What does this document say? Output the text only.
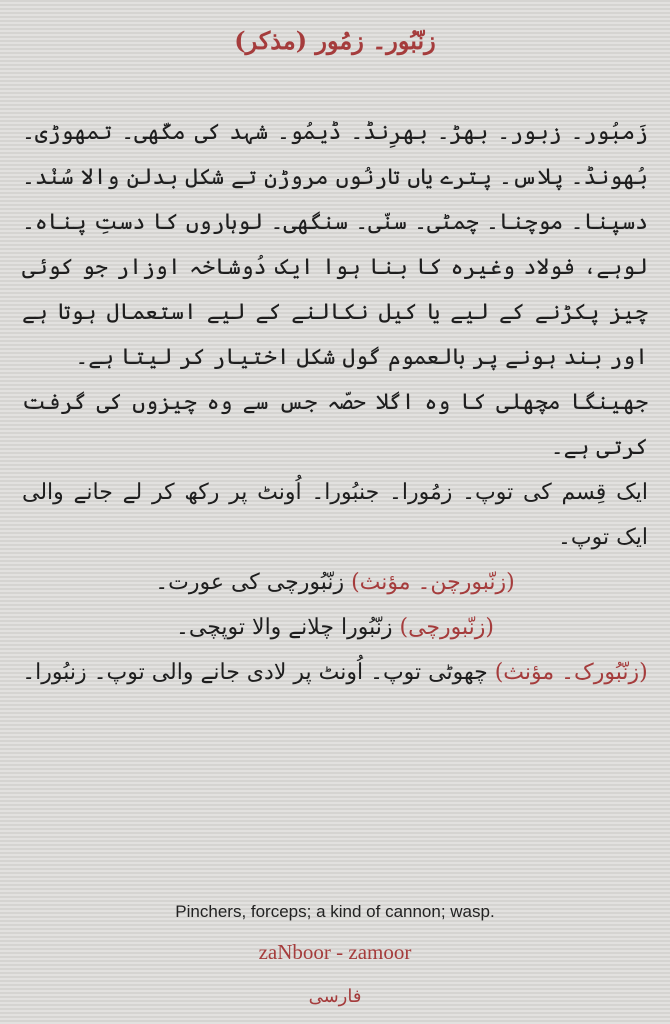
زنّبُور۔ زمُور (مذکر)

زَمبُور۔ زبور۔ بھڑ۔ بھرِنڈ۔ ڈیمُو۔ شہد کی مکّھی۔ تمھوڑی۔ بُھونڈ۔ پلاس۔ پترے یاں تارنُوں مروڑن تے شکل بدلن والا سُنْد۔ دسپنا۔ موچنا۔ چمٹی۔ سنّی۔ سنگھی۔ لوہاروں کا دستِ پناہ۔ لوہے، فولاد وغیرہ کا بنا ہوا ایک دُوشاخہ اوزار جو کوئی چیز پکڑنے کے لیے یا کیل نکالنے کے لیے استعمال ہوتا ہے اور بند ہونے پر بالعموم گول شکل اختیار کر لیتا ہے۔

جھینگا مچھلی کا وہ اگلا حصّہ جس سے وہ چیزوں کی گرفت کرتی ہے۔

ایک قِسم کی توپ۔ زمُورا۔ جنبُورا۔ اُونٹ پر رکھ کر لے جانے والی ایک توپ۔

(زنّبورچن۔ مؤنث) زنّبُورچی کی عورت۔

(زنّبورچی) زنّبُورا چلانے والا توپچی۔

(زنّبُورک۔ مؤنث) چھوٹی توپ۔ اُونٹ پر لادی جانے والی توپ۔ زنبُورا۔

Pinchers, forceps; a kind of cannon; wasp.
zaNboor - zamoor
فارسی
